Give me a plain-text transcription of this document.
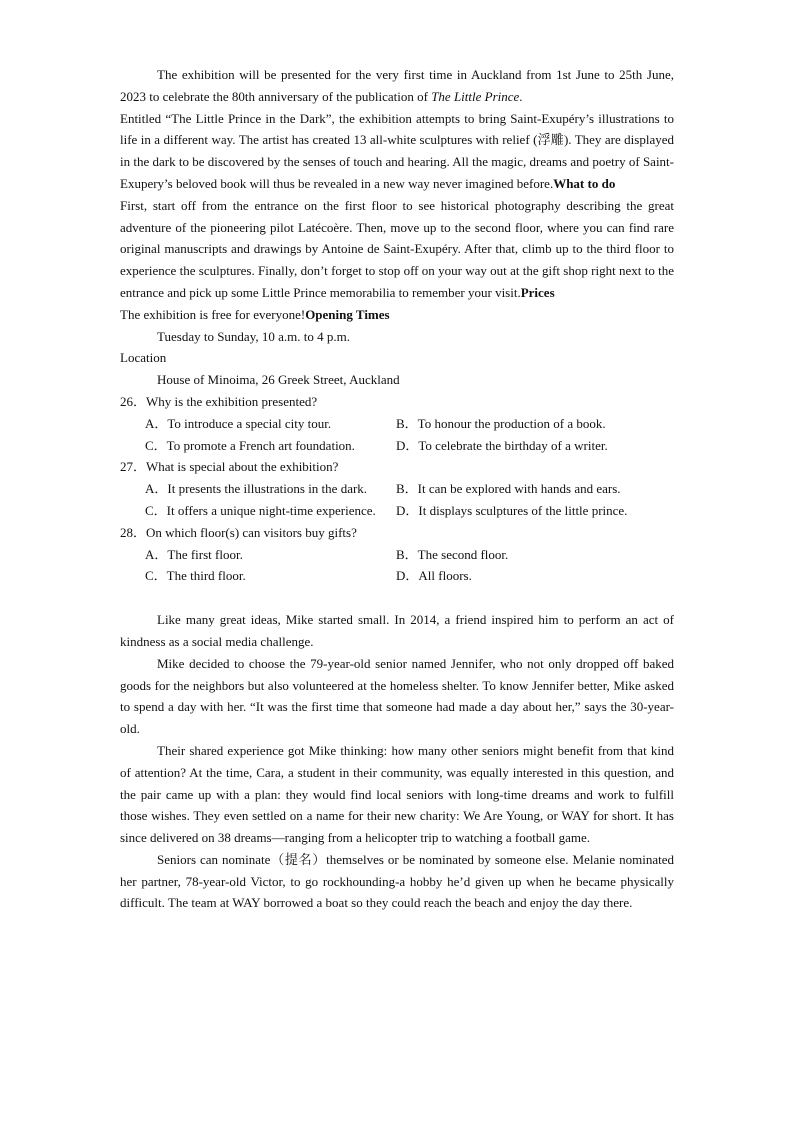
The exhibition will be presented for the very first time in Auckland from 1st June to 25th June, 2023 to celebrate the 80th anniversary of the publication of The Little Prince.

Entitled “The Little Prince in the Dark”, the exhibition attempts to bring Saint-Exupéry’s illustrations to life in a different way. The artist has created 13 all-white sculptures with relief (浮雕). They are displayed in the dark to be discovered by the senses of touch and hearing. All the magic, dreams and poetry of Saint-Exupery’s beloved book will thus be revealed in a new way never imagined before.What to do

First, start off from the entrance on the first floor to see historical photography describing the great adventure of the pioneering pilot Latécoère. Then, move up to the second floor, where you can find rare original manuscripts and drawings by Antoine de Saint-Exupéry. After that, climb up to the third floor to experience the sculptures. Finally, don’t forget to stop off on your way out at the gift shop right next to the entrance and pick up some Little Prince memorabilia to remember your visit.Prices

The exhibition is free for everyone!Opening Times

Tuesday to Sunday, 10 a.m. to 4 p.m.

Location

House of Minoima, 26 Greek Street, Auckland

26．Why is the exhibition presented?

A．To introduce a special city tour.	B．To honour the production of a book.
C．To promote a French art foundation.	D．To celebrate the birthday of a writer.

27．What is special about the exhibition?

A．It presents the illustrations in the dark.	B．It can be explored with hands and ears.
C．It offers a unique night-time experience.	D．It displays sculptures of the little prince.

28．On which floor(s) can visitors buy gifts?

A．The first floor.	B．The second floor.
C．The third floor.	D．All floors.

Like many great ideas, Mike started small. In 2014, a friend inspired him to perform an act of kindness as a social media challenge.

Mike decided to choose the 79-year-old senior named Jennifer, who not only dropped off baked goods for the neighbors but also volunteered at the homeless shelter. To know Jennifer better, Mike asked to spend a day with her. “It was the first time that someone had made a day about her,” says the 30-year-old.

Their shared experience got Mike thinking: how many other seniors might benefit from that kind of attention? At the time, Cara, a student in their community, was equally interested in this question, and the pair came up with a plan: they would find local seniors with long-time dreams and work to fulfill those wishes. They even settled on a name for their new charity: We Are Young, or WAY for short. It has since delivered on 38 dreams—ranging from a helicopter trip to watching a football game.

Seniors can nominate（提名）themselves or be nominated by someone else. Melanie nominated her partner, 78-year-old Victor, to go rockhounding-a hobby he’d given up when he became physically difficult. The team at WAY borrowed a boat so they could reach the beach and enjoy the day there.
